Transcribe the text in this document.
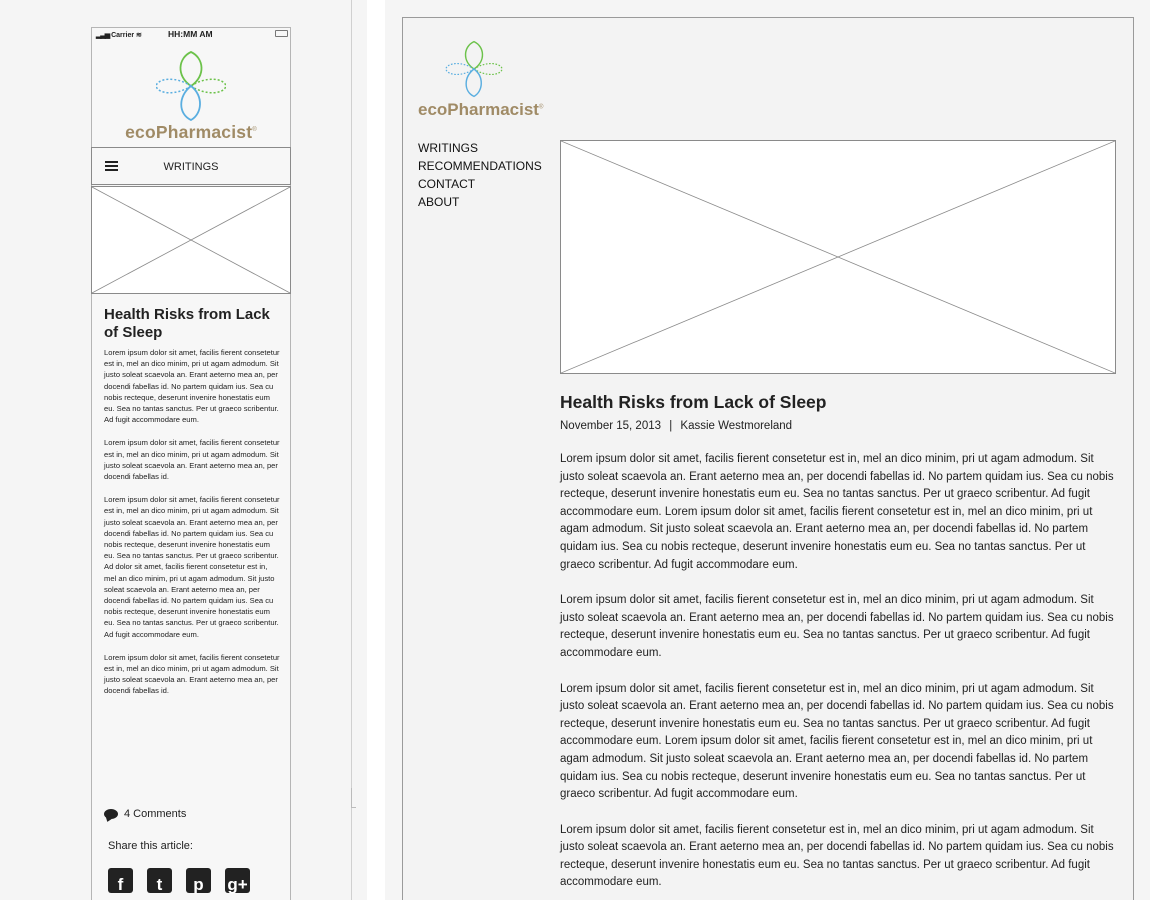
▂▃▅ Carrier ≋	HH:MM AM
ecoPharmacist®
WRITINGS
Health Risks from Lack of Sleep

Lorem ipsum dolor sit amet, facilis fierent consetetur est in, mel an dico minim, pri ut agam admodum. Sit justo soleat scaevola an. Erant aeterno mea an, per docendi fabellas id. No partem quidam ius. Sea cu nobis recteque, deserunt invenire honestatis eum eu. Sea no tantas sanctus. Per ut graeco scribentur. Ad fugit accommodare eum.

Lorem ipsum dolor sit amet, facilis fierent consetetur est in, mel an dico minim, pri ut agam admodum. Sit justo soleat scaevola an. Erant aeterno mea an, per docendi fabellas id.

Lorem ipsum dolor sit amet, facilis fierent consetetur est in, mel an dico minim, pri ut agam admodum. Sit justo soleat scaevola an. Erant aeterno mea an, per docendi fabellas id. No partem quidam ius. Sea cu nobis recteque, deserunt invenire honestatis eum eu. Sea no tantas sanctus. Per ut graeco scribentur. Ad dolor sit amet, facilis fierent consetetur est in, mel an dico minim, pri ut agam admodum. Sit justo soleat scaevola an. Erant aeterno mea an, per docendi fabellas id. No partem quidam ius. Sea cu nobis recteque, deserunt invenire honestatis eum eu. Sea no tantas sanctus. Per ut graeco scribentur. Ad fugit accommodare eum.

Lorem ipsum dolor sit amet, facilis fierent consetetur est in, mel an dico minim, pri ut agam admodum. Sit justo soleat scaevola an. Erant aeterno mea an, per docendi fabellas id.

4 Comments
Share this article:
f t p g+
ecoPharmacist®
WRITINGS
RECOMMENDATIONS
CONTACT
ABOUT
Health Risks from Lack of Sleep
November 15, 2013 | Kassie Westmoreland

Lorem ipsum dolor sit amet, facilis fierent consetetur est in, mel an dico minim, pri ut agam admodum. Sit justo soleat scaevola an. Erant aeterno mea an, per docendi fabellas id. No partem quidam ius. Sea cu nobis recteque, deserunt invenire honestatis eum eu. Sea no tantas sanctus. Per ut graeco scribentur. Ad fugit accommodare eum. Lorem ipsum dolor sit amet, facilis fierent consetetur est in, mel an dico minim, pri ut agam admodum. Sit justo soleat scaevola an. Erant aeterno mea an, per docendi fabellas id. No partem quidam ius. Sea cu nobis recteque, deserunt invenire honestatis eum eu. Sea no tantas sanctus. Per ut graeco scribentur. Ad fugit accommodare eum.

Lorem ipsum dolor sit amet, facilis fierent consetetur est in, mel an dico minim, pri ut agam admodum. Sit justo soleat scaevola an. Erant aeterno mea an, per docendi fabellas id. No partem quidam ius. Sea cu nobis recteque, deserunt invenire honestatis eum eu. Sea no tantas sanctus. Per ut graeco scribentur. Ad fugit accommodare eum.

Lorem ipsum dolor sit amet, facilis fierent consetetur est in, mel an dico minim, pri ut agam admodum. Sit justo soleat scaevola an. Erant aeterno mea an, per docendi fabellas id. No partem quidam ius. Sea cu nobis recteque, deserunt invenire honestatis eum eu. Sea no tantas sanctus. Per ut graeco scribentur. Ad fugit accommodare eum. Lorem ipsum dolor sit amet, facilis fierent consetetur est in, mel an dico minim, pri ut agam admodum. Sit justo soleat scaevola an. Erant aeterno mea an, per docendi fabellas id. No partem quidam ius. Sea cu nobis recteque, deserunt invenire honestatis eum eu. Sea no tantas sanctus. Per ut graeco scribentur. Ad fugit accommodare eum.

Lorem ipsum dolor sit amet, facilis fierent consetetur est in, mel an dico minim, pri ut agam admodum. Sit justo soleat scaevola an. Erant aeterno mea an, per docendi fabellas id. No partem quidam ius. Sea cu nobis recteque, deserunt invenire honestatis eum eu. Sea no tantas sanctus. Per ut graeco scribentur. Ad fugit accommodare eum.
